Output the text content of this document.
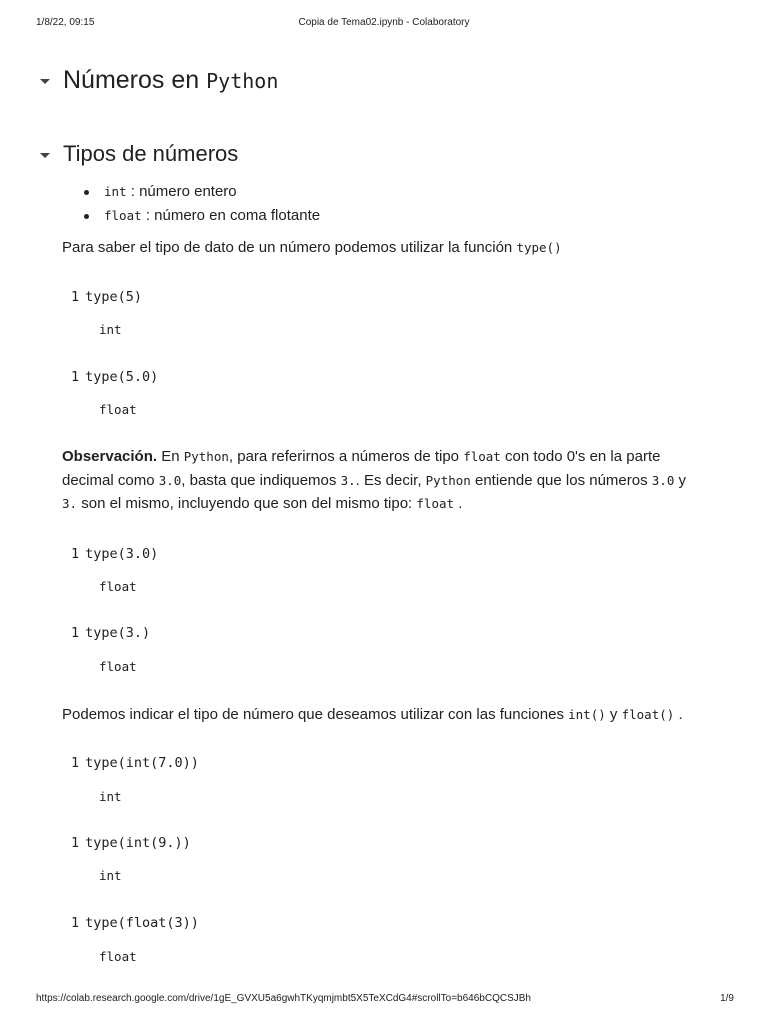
1/8/22, 09:15	Copia de Tema02.ipynb - Colaboratory
Números en Python
Tipos de números
int : número entero
float : número en coma flotante
Para saber el tipo de dato de un número podemos utilizar la función type()
1 type(5)
int
1 type(5.0)
float
Observación. En Python, para referirnos a números de tipo float con todo 0's en la parte
decimal como 3.0, basta que indiquemos 3.. Es decir, Python entiende que los números 3.0 y
3. son el mismo, incluyendo que son del mismo tipo: float .
1 type(3.0)
float
1 type(3.)
float
Podemos indicar el tipo de número que deseamos utilizar con las funciones int() y float() .
1 type(int(7.0))
int
1 type(int(9.))
int
1 type(float(3))
float
https://colab.research.google.com/drive/1gE_GVXU5a6gwhTKyqmjmbt5X5TeXCdG4#scrollTo=b646bCQCSJBh	1/9
